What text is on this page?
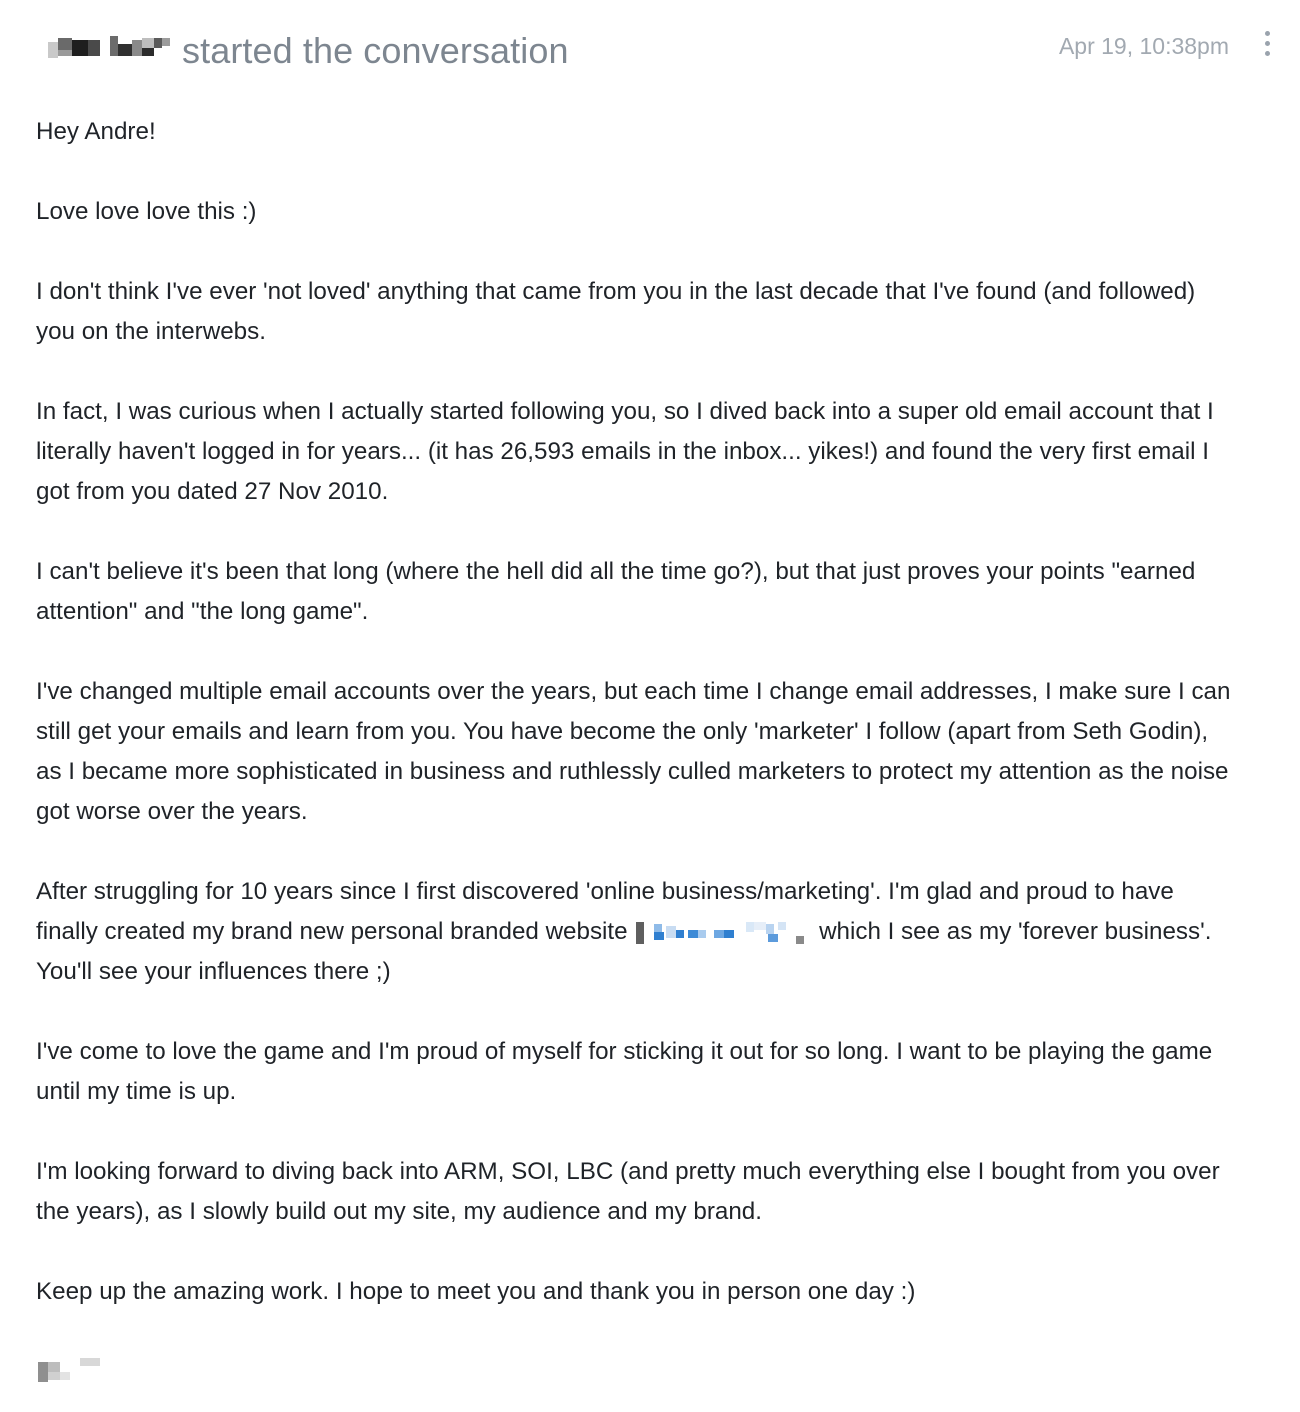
started the conversation	Apr 19, 10:38pm

Hey Andre!

Love love love this :)

I don't think I've ever 'not loved' anything that came from you in the last decade that I've found (and followed) you on the interwebs.

In fact, I was curious when I actually started following you, so I dived back into a super old email account that I literally haven't logged in for years... (it has 26,593 emails in the inbox... yikes!) and found the very first email I got from you dated 27 Nov 2010.

I can't believe it's been that long (where the hell did all the time go?), but that just proves your points "earned attention" and "the long game".

I've changed multiple email accounts over the years, but each time I change email addresses, I make sure I can still get your emails and learn from you. You have become the only 'marketer' I follow (apart from Seth Godin), as I became more sophisticated in business and ruthlessly culled marketers to protect my attention as the noise got worse over the years.

After struggling for 10 years since I first discovered 'online business/marketing'. I'm glad and proud to have finally created my brand new personal branded website	which I see as my 'forever business'. You'll see your influences there ;)

I've come to love the game and I'm proud of myself for sticking it out for so long. I want to be playing the game until my time is up.

I'm looking forward to diving back into ARM, SOI, LBC (and pretty much everything else I bought from you over the years), as I slowly build out my site, my audience and my brand.

Keep up the amazing work. I hope to meet you and thank you in person one day :)
